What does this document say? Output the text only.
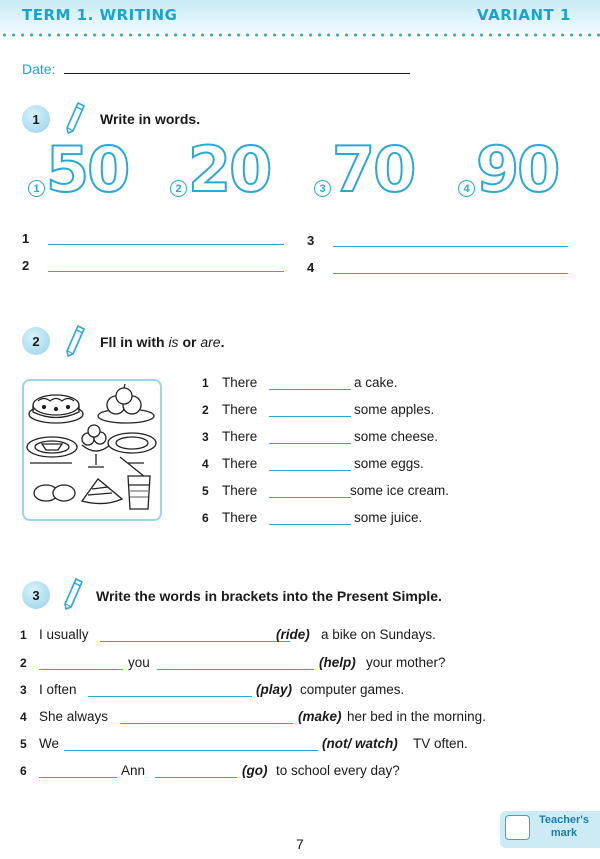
TERM 1. WRITING	VARIANT 1
Date:
1	Write in words.
1 50	2 20	3 70	4 90
1	3
2	4
2	Fll in with is or are.
1 There	a cake.
2 There	some apples.
3 There	some cheese.
4 There	some eggs.
5 There	some ice cream.
6 There	some juice.
3	Write the words in brackets into the Present Simple.
1 I usually	(ride) a bike on Sundays.
2	you	(help) your mother?
3 I often	(play) computer games.
4 She always	(make) her bed in the morning.
5 We	(not/ watch) TV often.
6	Ann	(go) to school every day?
Teacher's mark
7
